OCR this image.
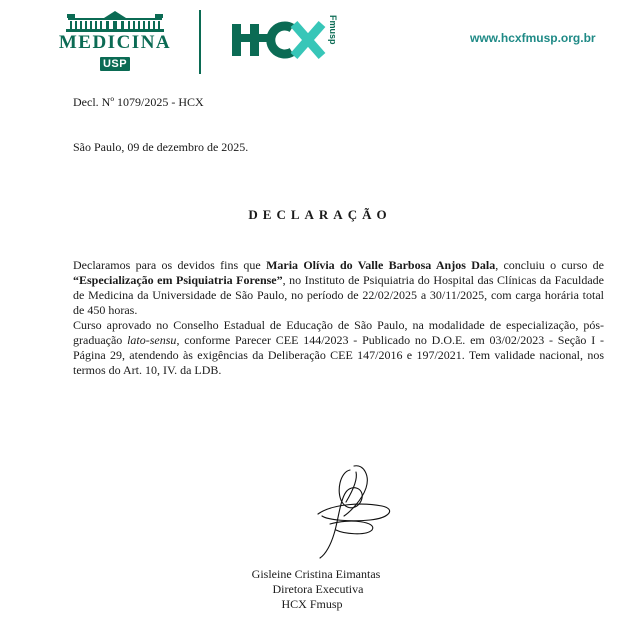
MEDICINA
USP
Fmusp	www.hcxfmusp.org.br
Decl. Nº 1079/2025 - HCX
São Paulo, 09 de dezembro de 2025.
DECLARAÇÃO
Declaramos para os devidos fins que Maria Olívia do Valle Barbosa Anjos Dala, concluiu o curso de “Especialização em Psiquiatria Forense”, no Instituto de Psiquiatria do Hospital das Clínicas da Faculdade de Medicina da Universidade de São Paulo, no período de 22/02/2025 a 30/11/2025, com carga horária total de 450 horas.
Curso aprovado no Conselho Estadual de Educação de São Paulo, na modalidade de especialização, pós-graduação lato-sensu, conforme Parecer CEE 144/2023 - Publicado no D.O.E. em 03/02/2023 - Seção I - Página 29, atendendo às exigências da Deliberação CEE 147/2016 e 197/2021. Tem validade nacional, nos termos do Art. 10, IV. da LDB.
Gisleine Cristina Eimantas
Diretora Executiva
HCX Fmusp
